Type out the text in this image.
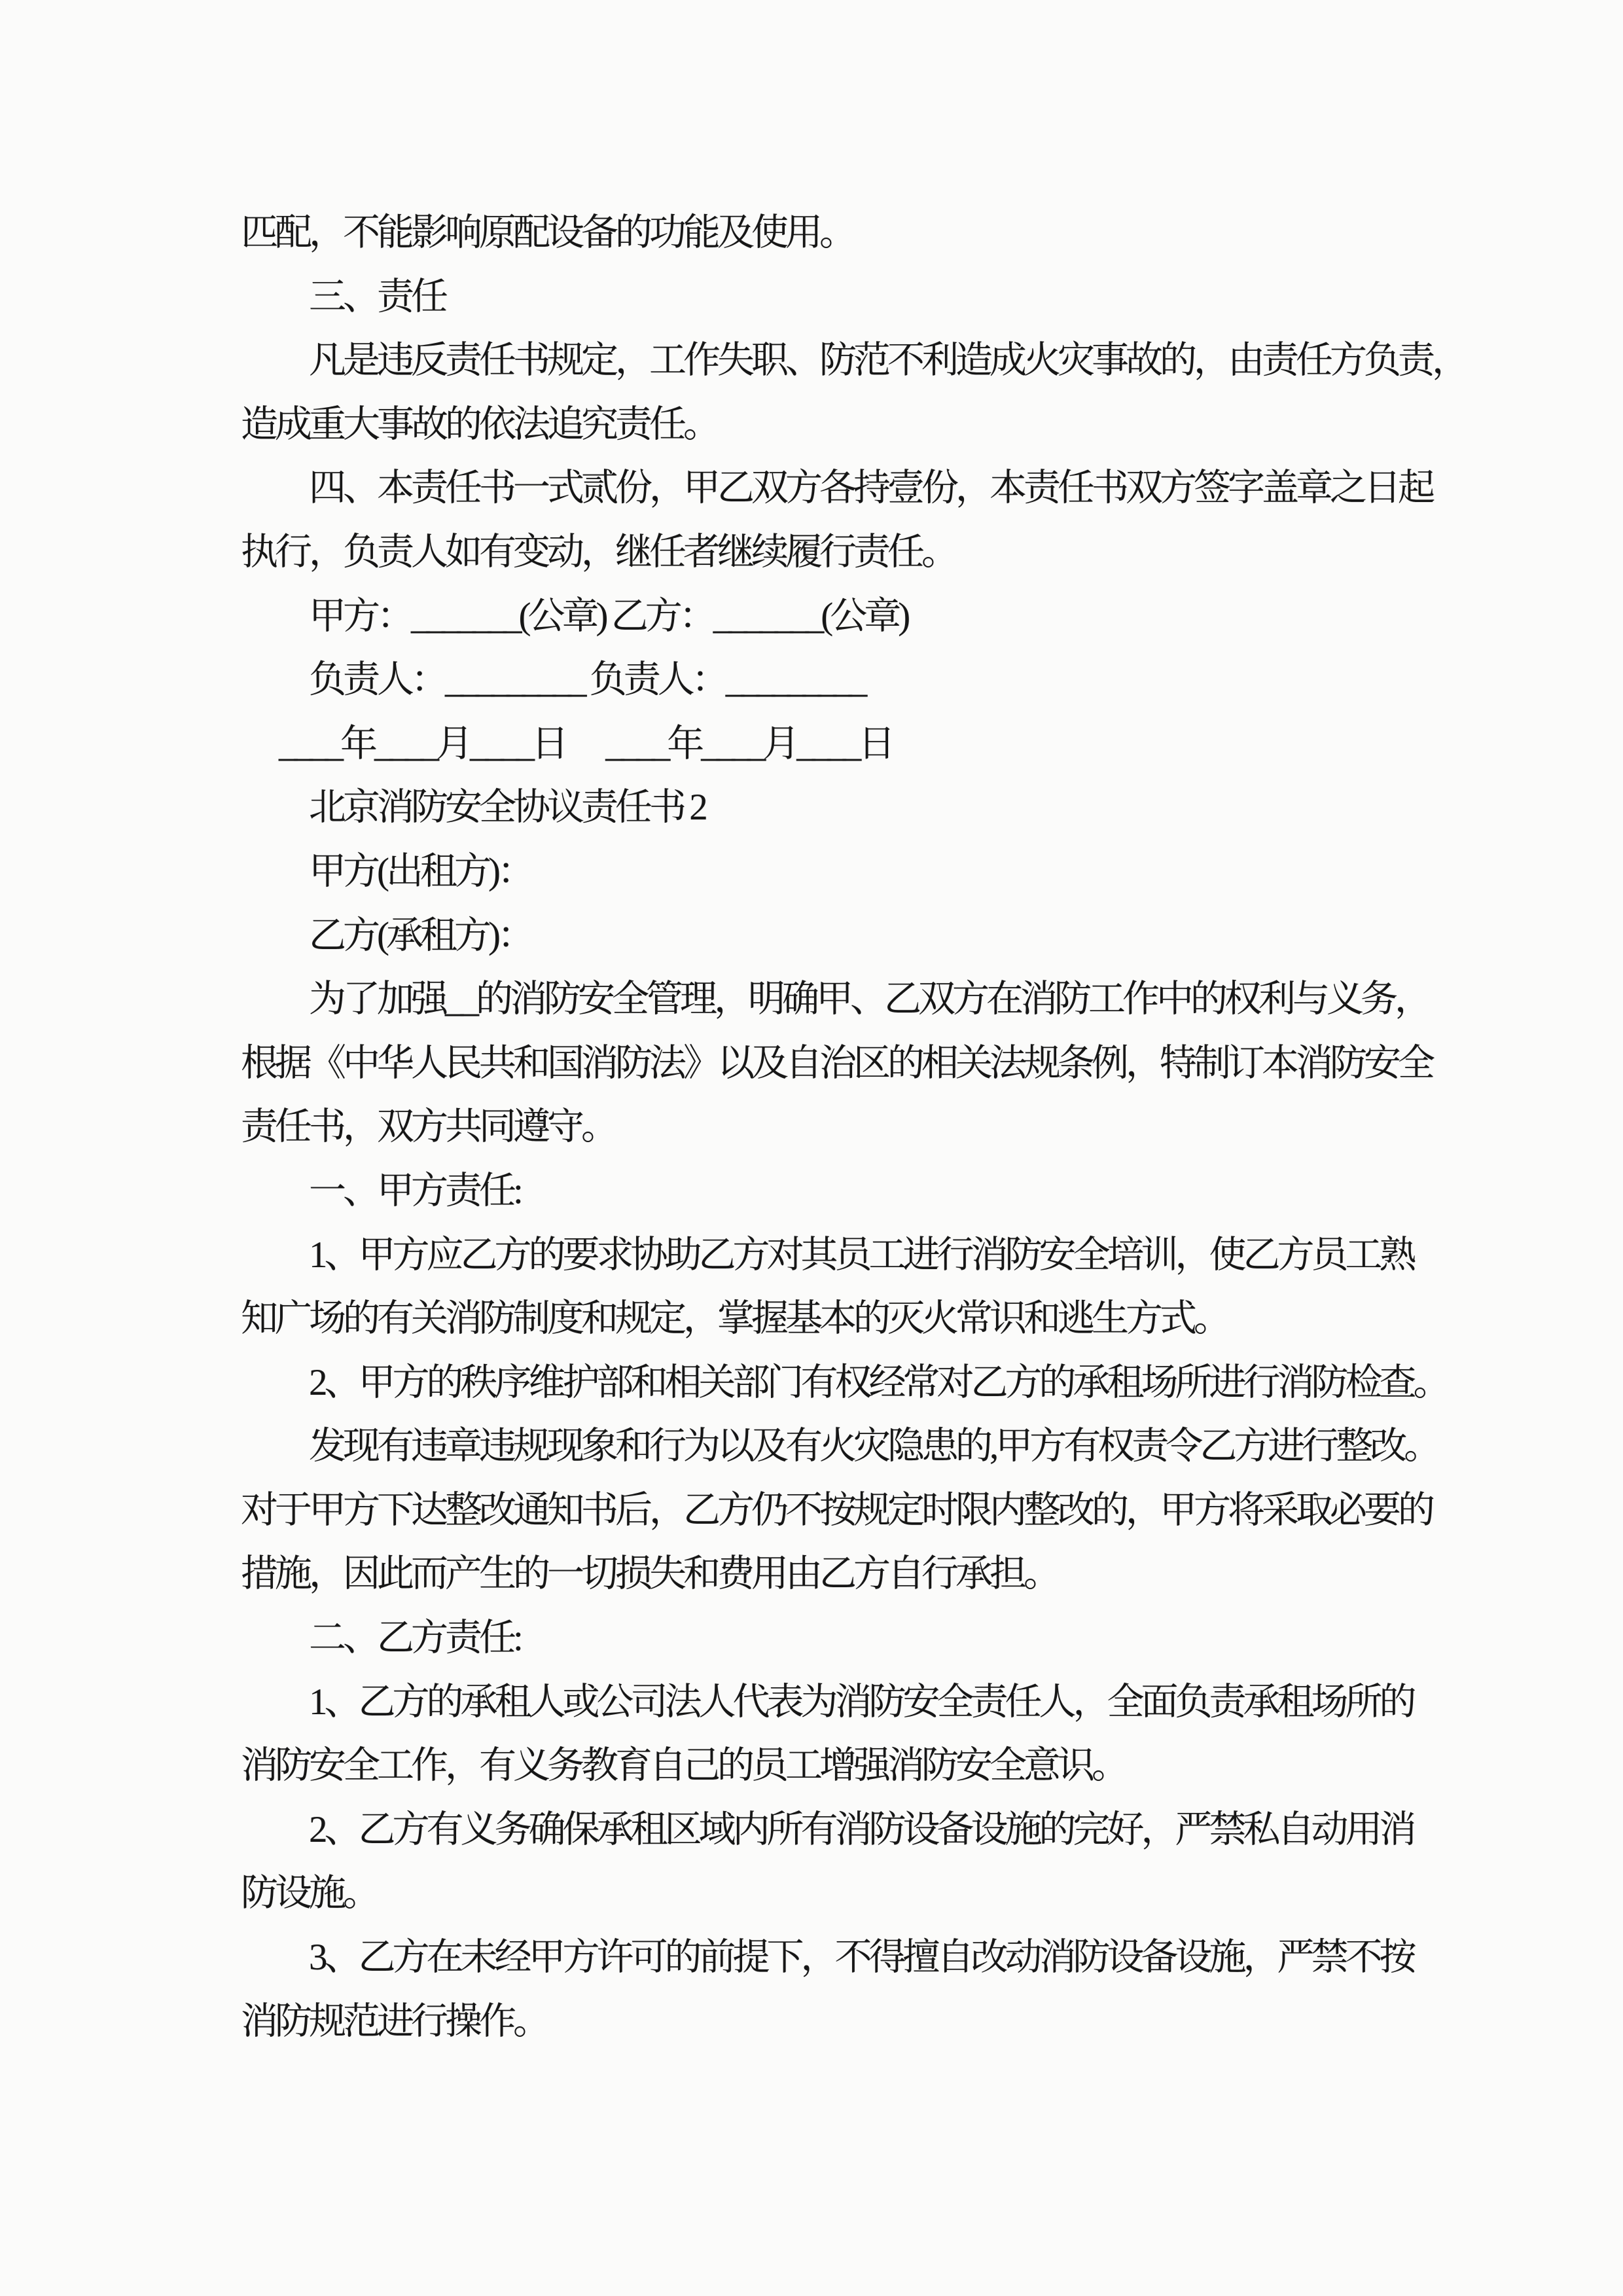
匹配，不能影响原配设备的功能及使用。
三、责任
凡是违反责任书规定，工作失职、防范不利造成火灾事故的，由责任方负责，
造成重大事故的依法追究责任。
四、本责任书一式贰份，甲乙双方各持壹份，本责任书双方签字盖章之日起
执行，负责人如有变动，继任者继续履行责任。
甲方：_______(公章) 乙方：_______(公章)
负责人：_________ 负责人：_________
____年____月____日 　____年____月____日
北京消防安全协议责任书 2
甲方(出租方)：
乙方(承租方)：
为了加强__的消防安全管理，明确甲、乙双方在消防工作中的权利与义务，
根据《中华人民共和国消防法》以及自治区的相关法规条例，特制订本消防安全
责任书，双方共同遵守。
一、甲方责任:
1、甲方应乙方的要求协助乙方对其员工进行消防安全培训，使乙方员工熟
知广场的有关消防制度和规定，掌握基本的灭火常识和逃生方式。
2、甲方的秩序维护部和相关部门有权经常对乙方的承租场所进行消防检查。
发现有违章违规现象和行为以及有火灾隐患的,甲方有权责令乙方进行整改。
对于甲方下达整改通知书后，乙方仍不按规定时限内整改的，甲方将采取必要的
措施，因此而产生的一切损失和费用由乙方自行承担。
二、乙方责任:
1、乙方的承租人或公司法人代表为消防安全责任人，全面负责承租场所的
消防安全工作，有义务教育自己的员工增强消防安全意识。
2、乙方有义务确保承租区域内所有消防设备设施的完好，严禁私自动用消
防设施。
3、乙方在未经甲方许可的前提下，不得擅自改动消防设备设施，严禁不按
消防规范进行操作。
